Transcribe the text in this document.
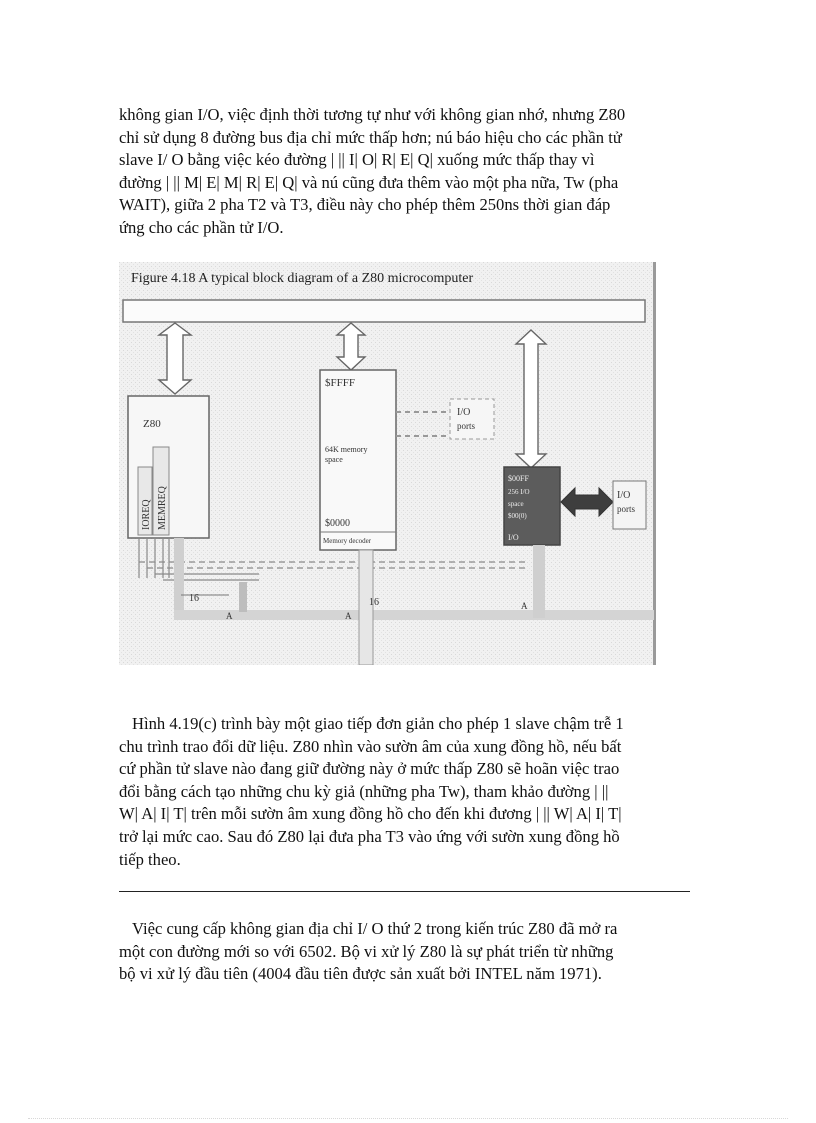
không gian I/O, việc định thời tương tự như với không gian nhớ, nhưng Z80
chỉ sử dụng 8 đường bus địa chỉ mức thấp hơn; nú báo hiệu cho các phần tử
slave I/ O bằng việc kéo đường | || I| O| R| E| Q| xuống mức thấp thay vì
đường | || M| E| M| R| E| Q| và nú cũng đưa thêm vào một pha nữa, Tw (pha
WAIT), giữa 2 pha T2 và T3, điều này cho phép thêm 250ns thời gian đáp
ứng cho các phần tử I/O.
Figure 4.18 A typical block diagram of a Z80 microcomputer
Z80
IOREQ MEMREQ
$FFFF
64K memory
space
$0000
Memory decoder
I/O
ports
$00FF
256 I/O
space
$00(0)
I/O
I/O
ports
16	16
A	A
A
Hình 4.19(c) trình bày một giao tiếp đơn giản cho phép 1 slave chậm trễ 1
chu trình trao đổi dữ liệu. Z80 nhìn vào sườn âm của xung đồng hồ, nếu bất
cứ phần tử slave nào đang giữ đường này ở mức thấp Z80 sẽ hoãn việc trao
đổi bằng cách tạo những chu kỳ giả (những pha Tw), tham khảo đường | ||
W| A| I| T| trên mỗi sườn âm xung đồng hồ cho đến khi đương | || W| A| I| T|
trở lại mức cao. Sau đó Z80 lại đưa pha T3 vào ứng với sườn xung đồng hồ
tiếp theo.
Việc cung cấp không gian địa chỉ I/ O thứ 2 trong kiến trúc Z80 đã mở ra
một con đường mới so với 6502. Bộ vi xử lý Z80 là sự phát triển từ những
bộ vi xử lý đầu tiên (4004 đầu tiên được sản xuất bởi INTEL năm 1971).
